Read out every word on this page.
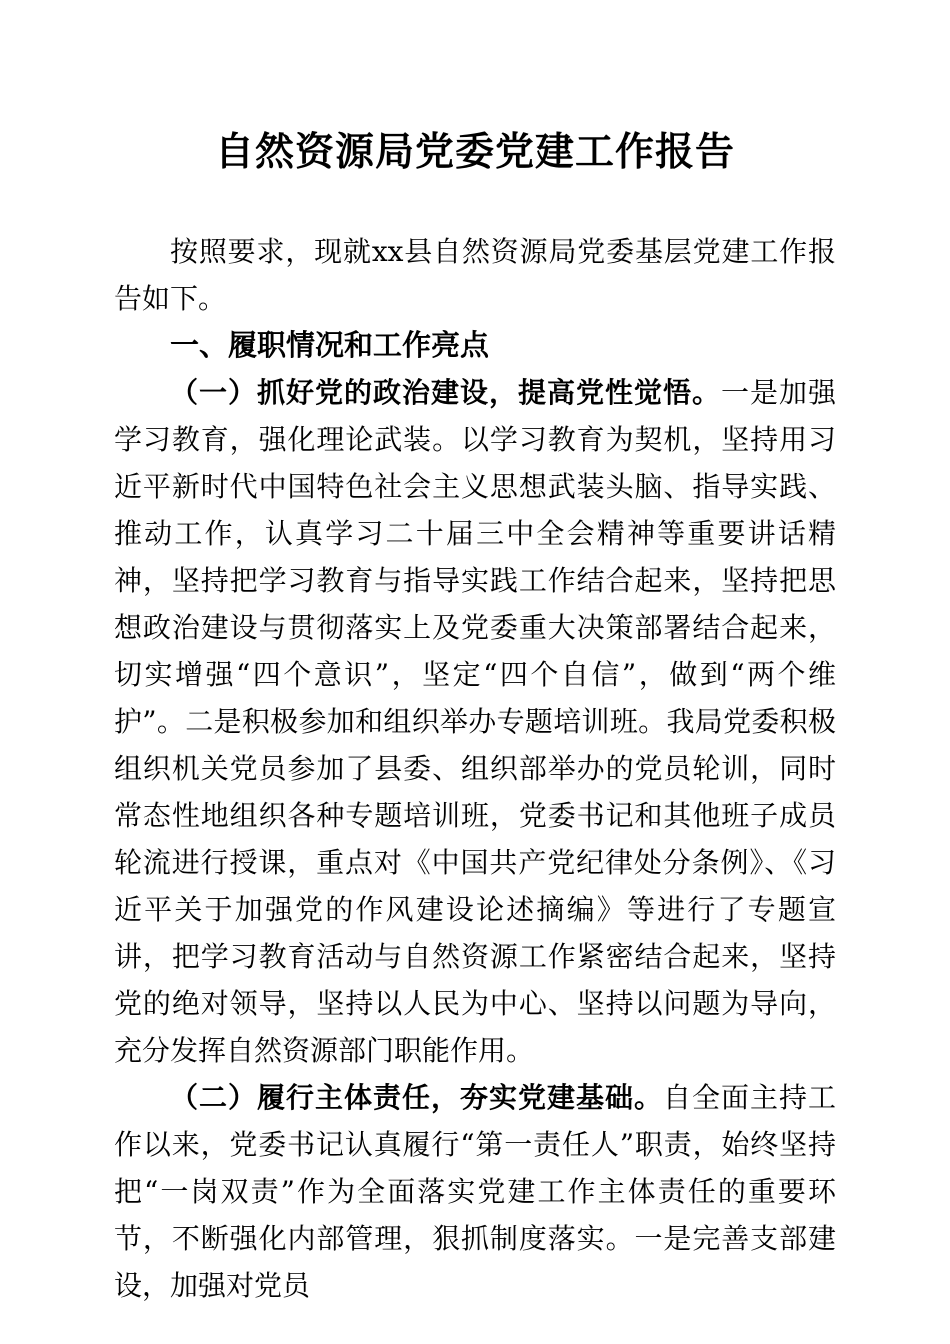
自然资源局党委党建工作报告

按照要求，现就xx县自然资源局党委基层党建工作报告如下。

一、履职情况和工作亮点

（一）抓好党的政治建设，提高党性觉悟。一是加强学习教育，强化理论武装。以学习教育为契机，坚持用习近平新时代中国特色社会主义思想武装头脑、指导实践、推动工作，认真学习二十届三中全会精神等重要讲话精神，坚持把学习教育与指导实践工作结合起来，坚持把思想政治建设与贯彻落实上及党委重大决策部署结合起来，切实增强“四个意识”，坚定“四个自信”，做到“两个维护”。二是积极参加和组织举办专题培训班。我局党委积极组织机关党员参加了县委、组织部举办的党员轮训，同时常态性地组织各种专题培训班，党委书记和其他班子成员轮流进行授课，重点对《中国共产党纪律处分条例》、《习近平关于加强党的作风建设论述摘编》等进行了专题宣讲，把学习教育活动与自然资源工作紧密结合起来，坚持党的绝对领导，坚持以人民为中心、坚持以问题为导向，充分发挥自然资源部门职能作用。

（二）履行主体责任，夯实党建基础。自全面主持工作以来，党委书记认真履行“第一责任人”职责，始终坚持把“一岗双责”作为全面落实党建工作主体责任的重要环节，不断强化内部管理，狠抓制度落实。一是完善支部建设，加强对党员
